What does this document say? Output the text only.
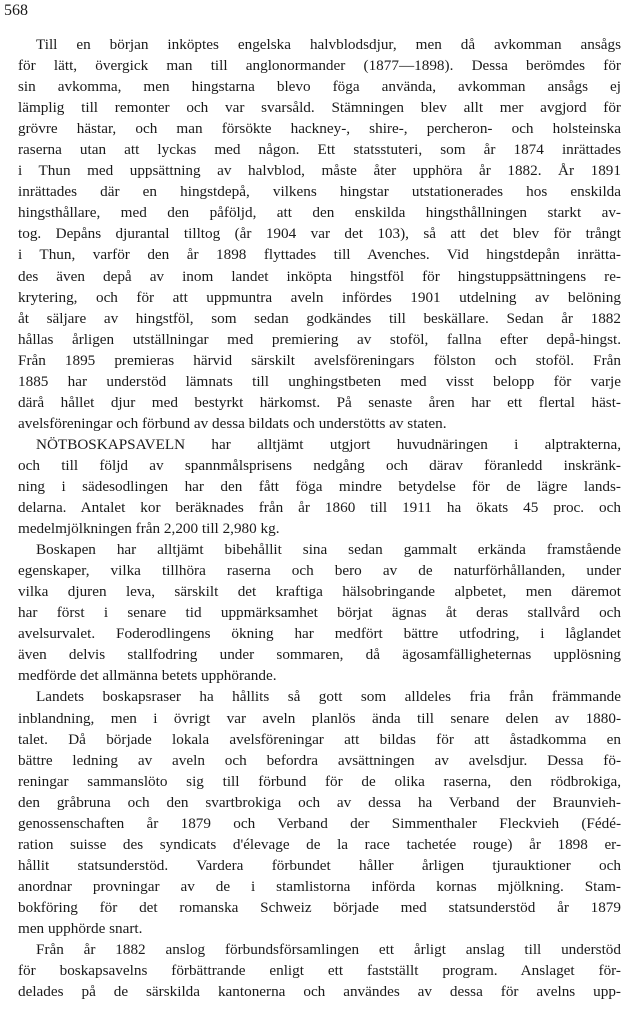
568

Till en början inköptes engelska halvblodsdjur, men då avkomman ansågs
för lätt, övergick man till anglonormander (1877—1898). Dessa berömdes för
sin avkomma, men hingstarna blevo föga använda, avkomman ansågs ej
lämplig till remonter och var svarsåld. Stämningen blev allt mer avgjord för
grövre hästar, och man försökte hackney-, shire-, percheron- och holsteinska
raserna utan att lyckas med någon. Ett statsstuteri, som år 1874 inrättades
i Thun med uppsättning av halvblod, måste åter upphöra år 1882. År 1891
inrättades där en hingstdepå, vilkens hingstar utstationerades hos enskilda
hingsthållare, med den påföljd, att den enskilda hingsthållningen starkt av-
tog. Depåns djurantal tilltog (år 1904 var det 103), så att det blev för trångt
i Thun, varför den år 1898 flyttades till Avenches. Vid hingstdepån inrätta-
des även depå av inom landet inköpta hingstföl för hingstuppsättningens re-
krytering, och för att uppmuntra aveln infördes 1901 utdelning av belöning
åt säljare av hingstföl, som sedan godkändes till beskällare. Sedan år 1882
hållas årligen utställningar med premiering av stoföl, fallna efter depå-hingst.
Från 1895 premieras härvid särskilt avelsföreningars fölston och stoföl. Från
1885 har understöd lämnats till unghingstbeten med visst belopp för varje
därå hållet djur med bestyrkt härkomst. På senaste åren har ett flertal häst-
avelsföreningar och förbund av dessa bildats och understötts av staten.

NÖTBOSKAPSAVELN har alltjämt utgjort huvudnäringen i alptrakterna,
och till följd av spannmålsprisens nedgång och därav föranledd inskränk-
ning i sädesodlingen har den fått föga mindre betydelse för de lägre lands-
delarna. Antalet kor beräknades från år 1860 till 1911 ha ökats 45 proc. och
medelmjölkningen från 2,200 till 2,980 kg.

Boskapen har alltjämt bibehållit sina sedan gammalt erkända framstående
egenskaper, vilka tillhöra raserna och bero av de naturförhållanden, under
vilka djuren leva, särskilt det kraftiga hälsobringande alpbetet, men däremot
har först i senare tid uppmärksamhet börjat ägnas åt deras stallvård och
avelsurvalet. Foderodlingens ökning har medfört bättre utfodring, i låglandet
även delvis stallfodring under sommaren, då ägosamfälligheternas upplösning
medförde det allmänna betets upphörande.

Landets boskapsraser ha hållits så gott som alldeles fria från främmande
inblandning, men i övrigt var aveln planlös ända till senare delen av 1880-
talet. Då började lokala avelsföreningar att bildas för att åstadkomma en
bättre ledning av aveln och befordra avsättningen av avelsdjur. Dessa fö-
reningar sammanslöto sig till förbund för de olika raserna, den rödbrokiga,
den gråbruna och den svartbrokiga och av dessa ha Verband der Braunvieh-
genossenschaften år 1879 och Verband der Simmenthaler Fleckvieh (Fédé-
ration suisse des syndicats d'élevage de la race tachetée rouge) år 1898 er-
hållit statsunderstöd. Vardera förbundet håller årligen tjurauktioner och
anordnar provningar av de i stamlistorna införda kornas mjölkning. Stam-
bokföring för det romanska Schweiz började med statsunderstöd år 1879
men upphörde snart.

Från år 1882 anslog förbundsförsamlingen ett årligt anslag till understöd
för boskapsavelns förbättrande enligt ett fastställt program. Anslaget för-
delades på de särskilda kantonerna och användes av dessa för avelns upp-
